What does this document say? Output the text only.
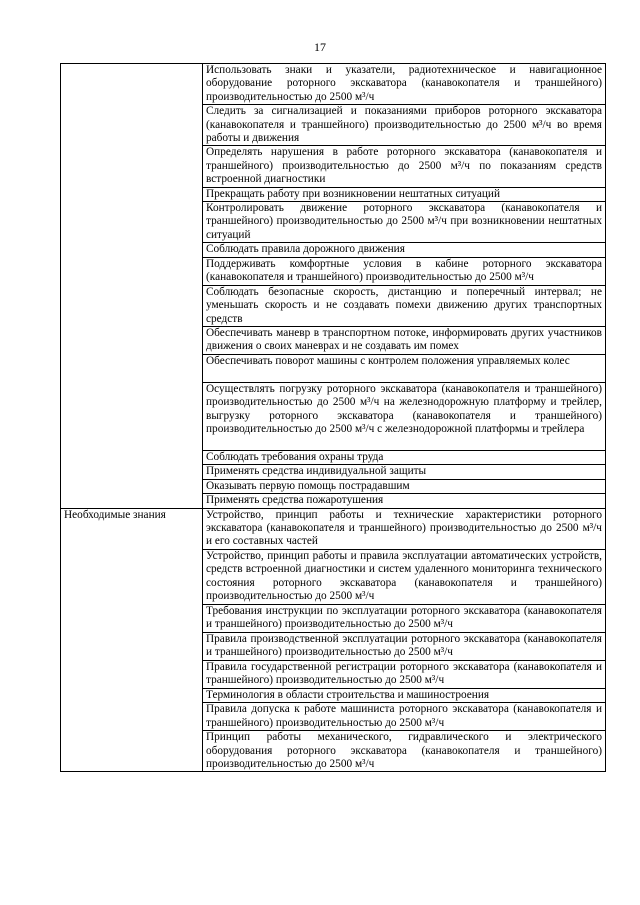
17
	Использовать знаки и указатели, радиотехническое и навигационное оборудование роторного экскаватора (канавокопателя и траншейного) производительностью до 2500 м³/ч
	Следить за сигнализацией и показаниями приборов роторного экскаватора (канавокопателя и траншейного) производительностью до 2500 м³/ч во время работы и движения
	Определять нарушения в работе роторного экскаватора (канавокопателя и траншейного) производительностью до 2500 м³/ч по показаниям средств встроенной диагностики
	Прекращать работу при возникновении нештатных ситуаций
	Контролировать движение роторного экскаватора (канавокопателя и траншейного) производительностью до 2500 м³/ч при возникновении нештатных ситуаций
	Соблюдать правила дорожного движения
	Поддерживать комфортные условия в кабине роторного экскаватора (канавокопателя и траншейного) производительностью до 2500 м³/ч
	Соблюдать безопасные скорость, дистанцию и поперечный интервал; не уменьшать скорость и не создавать помехи движению других транспортных средств
	Обеспечивать маневр в транспортном потоке, информировать других участников движения о своих маневрах и не создавать им помех
	Обеспечивать поворот машины с контролем положения управляемых колес
	Осуществлять погрузку роторного экскаватора (канавокопателя и траншейного) производительностью до 2500 м³/ч на железнодорожную платформу и трейлер, выгрузку роторного экскаватора (канавокопателя и траншейного) производительностью до 2500 м³/ч с железнодорожной платформы и трейлера
	Соблюдать требования охраны труда
	Применять средства индивидуальной защиты
	Оказывать первую помощь пострадавшим
	Применять средства пожаротушения
Необходимые знания	Устройство, принцип работы и технические характеристики роторного экскаватора (канавокопателя и траншейного) производительностью до 2500 м³/ч и его составных частей
	Устройство, принцип работы и правила эксплуатации автоматических устройств, средств встроенной диагностики и систем удаленного мониторинга технического состояния роторного экскаватора (канавокопателя и траншейного) производительностью до 2500 м³/ч
	Требования инструкции по эксплуатации роторного экскаватора (канавокопателя и траншейного) производительностью до 2500 м³/ч
	Правила производственной эксплуатации роторного экскаватора (канавокопателя и траншейного) производительностью до 2500 м³/ч
	Правила государственной регистрации роторного экскаватора (канавокопателя и траншейного) производительностью до 2500 м³/ч
	Терминология в области строительства и машиностроения
	Правила допуска к работе машиниста роторного экскаватора (канавокопателя и траншейного) производительностью до 2500 м³/ч
	Принцип работы механического, гидравлического и электрического оборудования роторного экскаватора (канавокопателя и траншейного) производительностью до 2500 м³/ч
